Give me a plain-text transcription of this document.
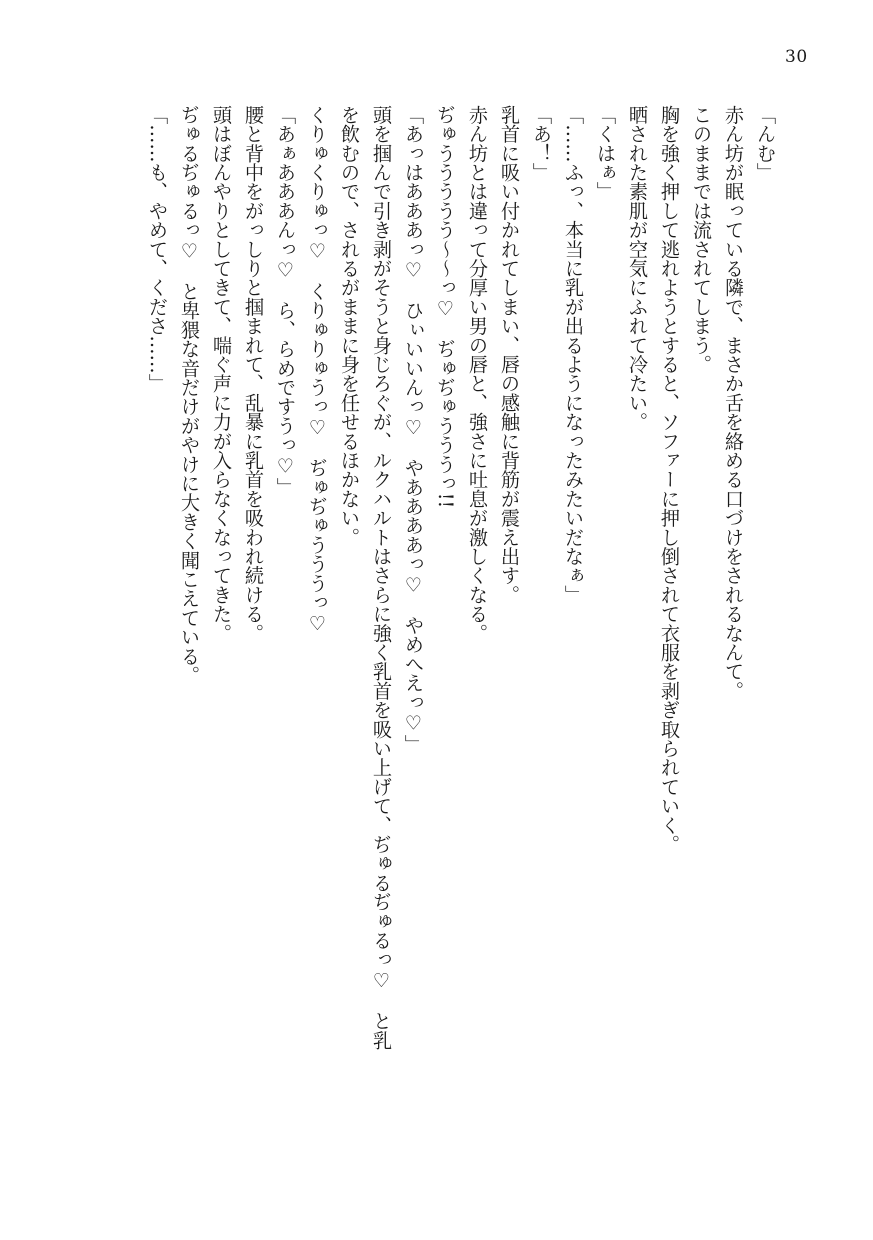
30
「んむ」
赤ん坊が眠っている隣で、まさか舌を絡める口づけをされるなんて。
このままでは流されてしまう。
胸を強く押して逃れようとすると、ソファーに押し倒されて衣服を剥ぎ取られていく。
晒された素肌が空気にふれて冷たい。
「くはぁ」
「……ふっ、本当に乳が出るようになったみたいだなぁ」
「あ！」
乳首に吸い付かれてしまい、唇の感触に背筋が震え出す。
赤ん坊とは違って分厚い男の唇と、強さに吐息が激しくなる。
ぢゅううううう〜〜っ♡　ぢゅぢゅうううっ!!
「あっはあああっ♡　ひぃいいんっ♡　やああああっ♡　やめへえっ♡」
頭を掴んで引き剥がそうと身じろぐが、ルクハルトはさらに強く乳首を吸い上げて、ぢゅるぢゅるっ♡　と乳
を飲むので、されるがままに身を任せるほかない。
くりゅくりゅっ♡　くりゅりゅうっ♡　ぢゅぢゅうううっ♡
「あぁあああんっ♡　ら、らめですうっ♡」
腰と背中をがっしりと掴まれて、乱暴に乳首を吸われ続ける。
頭はぼんやりとしてきて、喘ぐ声に力が入らなくなってきた。
ぢゅるぢゅるっ♡　と卑猥な音だけがやけに大きく聞こえている。
「……も、やめて、くださ……」
